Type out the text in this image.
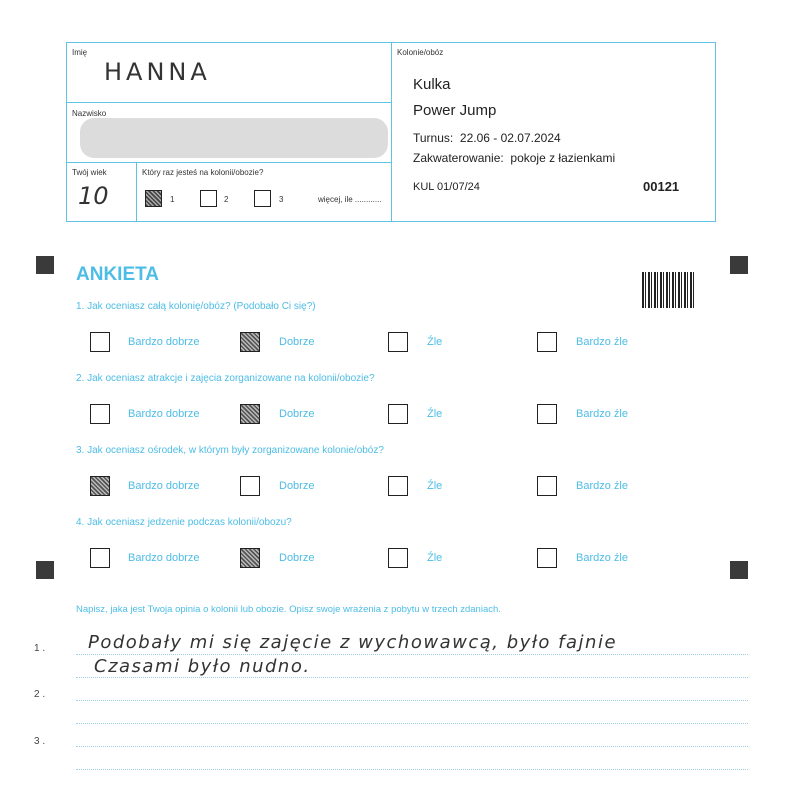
Imię
HANNA
Nazwisko
Twój wiek
10
Który raz jesteś na kolonii/obozie?
1	2	3	więcej, ile ............
Kolonie/obóz
Kulka
Power Jump
Turnus: 22.06 - 02.07.2024
Zakwaterowanie: pokoje z łazienkami
KUL 01/07/24	00121
ANKIETA
1. Jak oceniasz całą kolonię/obóz? (Podobało Ci się?)
Bardzo dobrze	Dobrze	Źle	Bardzo źle
2. Jak oceniasz atrakcje i zajęcia zorganizowane na kolonii/obozie?
Bardzo dobrze	Dobrze	Źle	Bardzo źle
3. Jak oceniasz ośrodek, w którym były zorganizowane kolonie/obóz?
Bardzo dobrze	Dobrze	Źle	Bardzo źle
4. Jak oceniasz jedzenie podczas kolonii/obozu?
Bardzo dobrze	Dobrze	Źle	Bardzo źle
Napisz, jaka jest Twoja opinia o kolonii lub obozie. Opisz swoje wrażenia z pobytu w trzech zdaniach.
1 .
2 .
3 .
Podobały mi się zajęcie z wychowawcą, było fajnie
Czasami było nudno.
